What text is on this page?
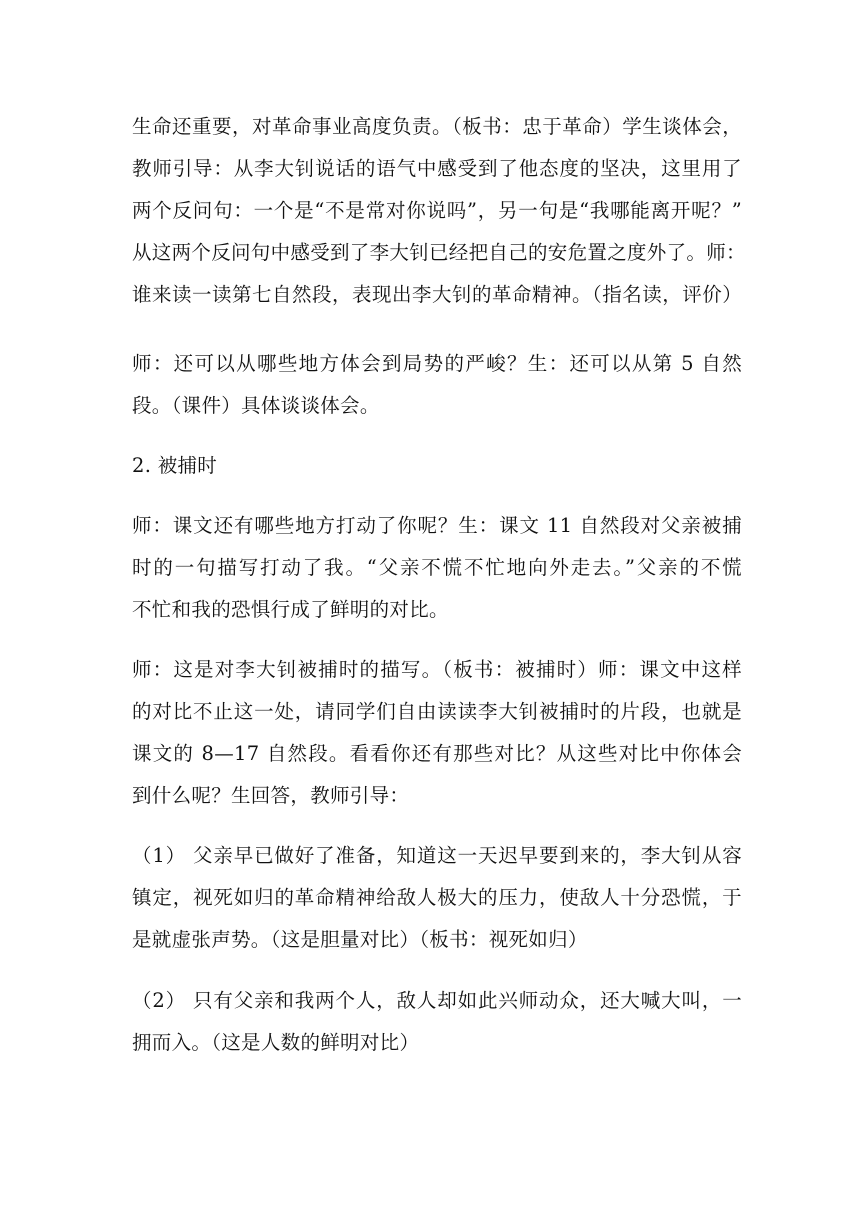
生命还重要，对革命事业高度负责。（板书：忠于革命）学生谈体会，
教师引导：从李大钊说话的语气中感受到了他态度的坚决，这里用了
两个反问句：一个是“不是常对你说吗”，另一句是“我哪能离开呢？”
从这两个反问句中感受到了李大钊已经把自己的安危置之度外了。师：
谁来读一读第七自然段，表现出李大钊的革命精神。（指名读，评价）
师：还可以从哪些地方体会到局势的严峻？生：还可以从第 5 自然
段。（课件）具体谈谈体会。
2. 被捕时
师：课文还有哪些地方打动了你呢？生：课文 11 自然段对父亲被捕
时的一句描写打动了我。“父亲不慌不忙地向外走去。”父亲的不慌
不忙和我的恐惧行成了鲜明的对比。
师：这是对李大钊被捕时的描写。（板书：被捕时）师：课文中这样
的对比不止这一处，请同学们自由读读李大钊被捕时的片段，也就是
课文的 8—17 自然段。看看你还有那些对比？从这些对比中你体会
到什么呢？生回答，教师引导：
（1） 父亲早已做好了准备，知道这一天迟早要到来的，李大钊从容
镇定，视死如归的革命精神给敌人极大的压力，使敌人十分恐慌，于
是就虚张声势。（这是胆量对比）（板书：视死如归）
（2） 只有父亲和我两个人，敌人却如此兴师动众，还大喊大叫，一
拥而入。（这是人数的鲜明对比）
